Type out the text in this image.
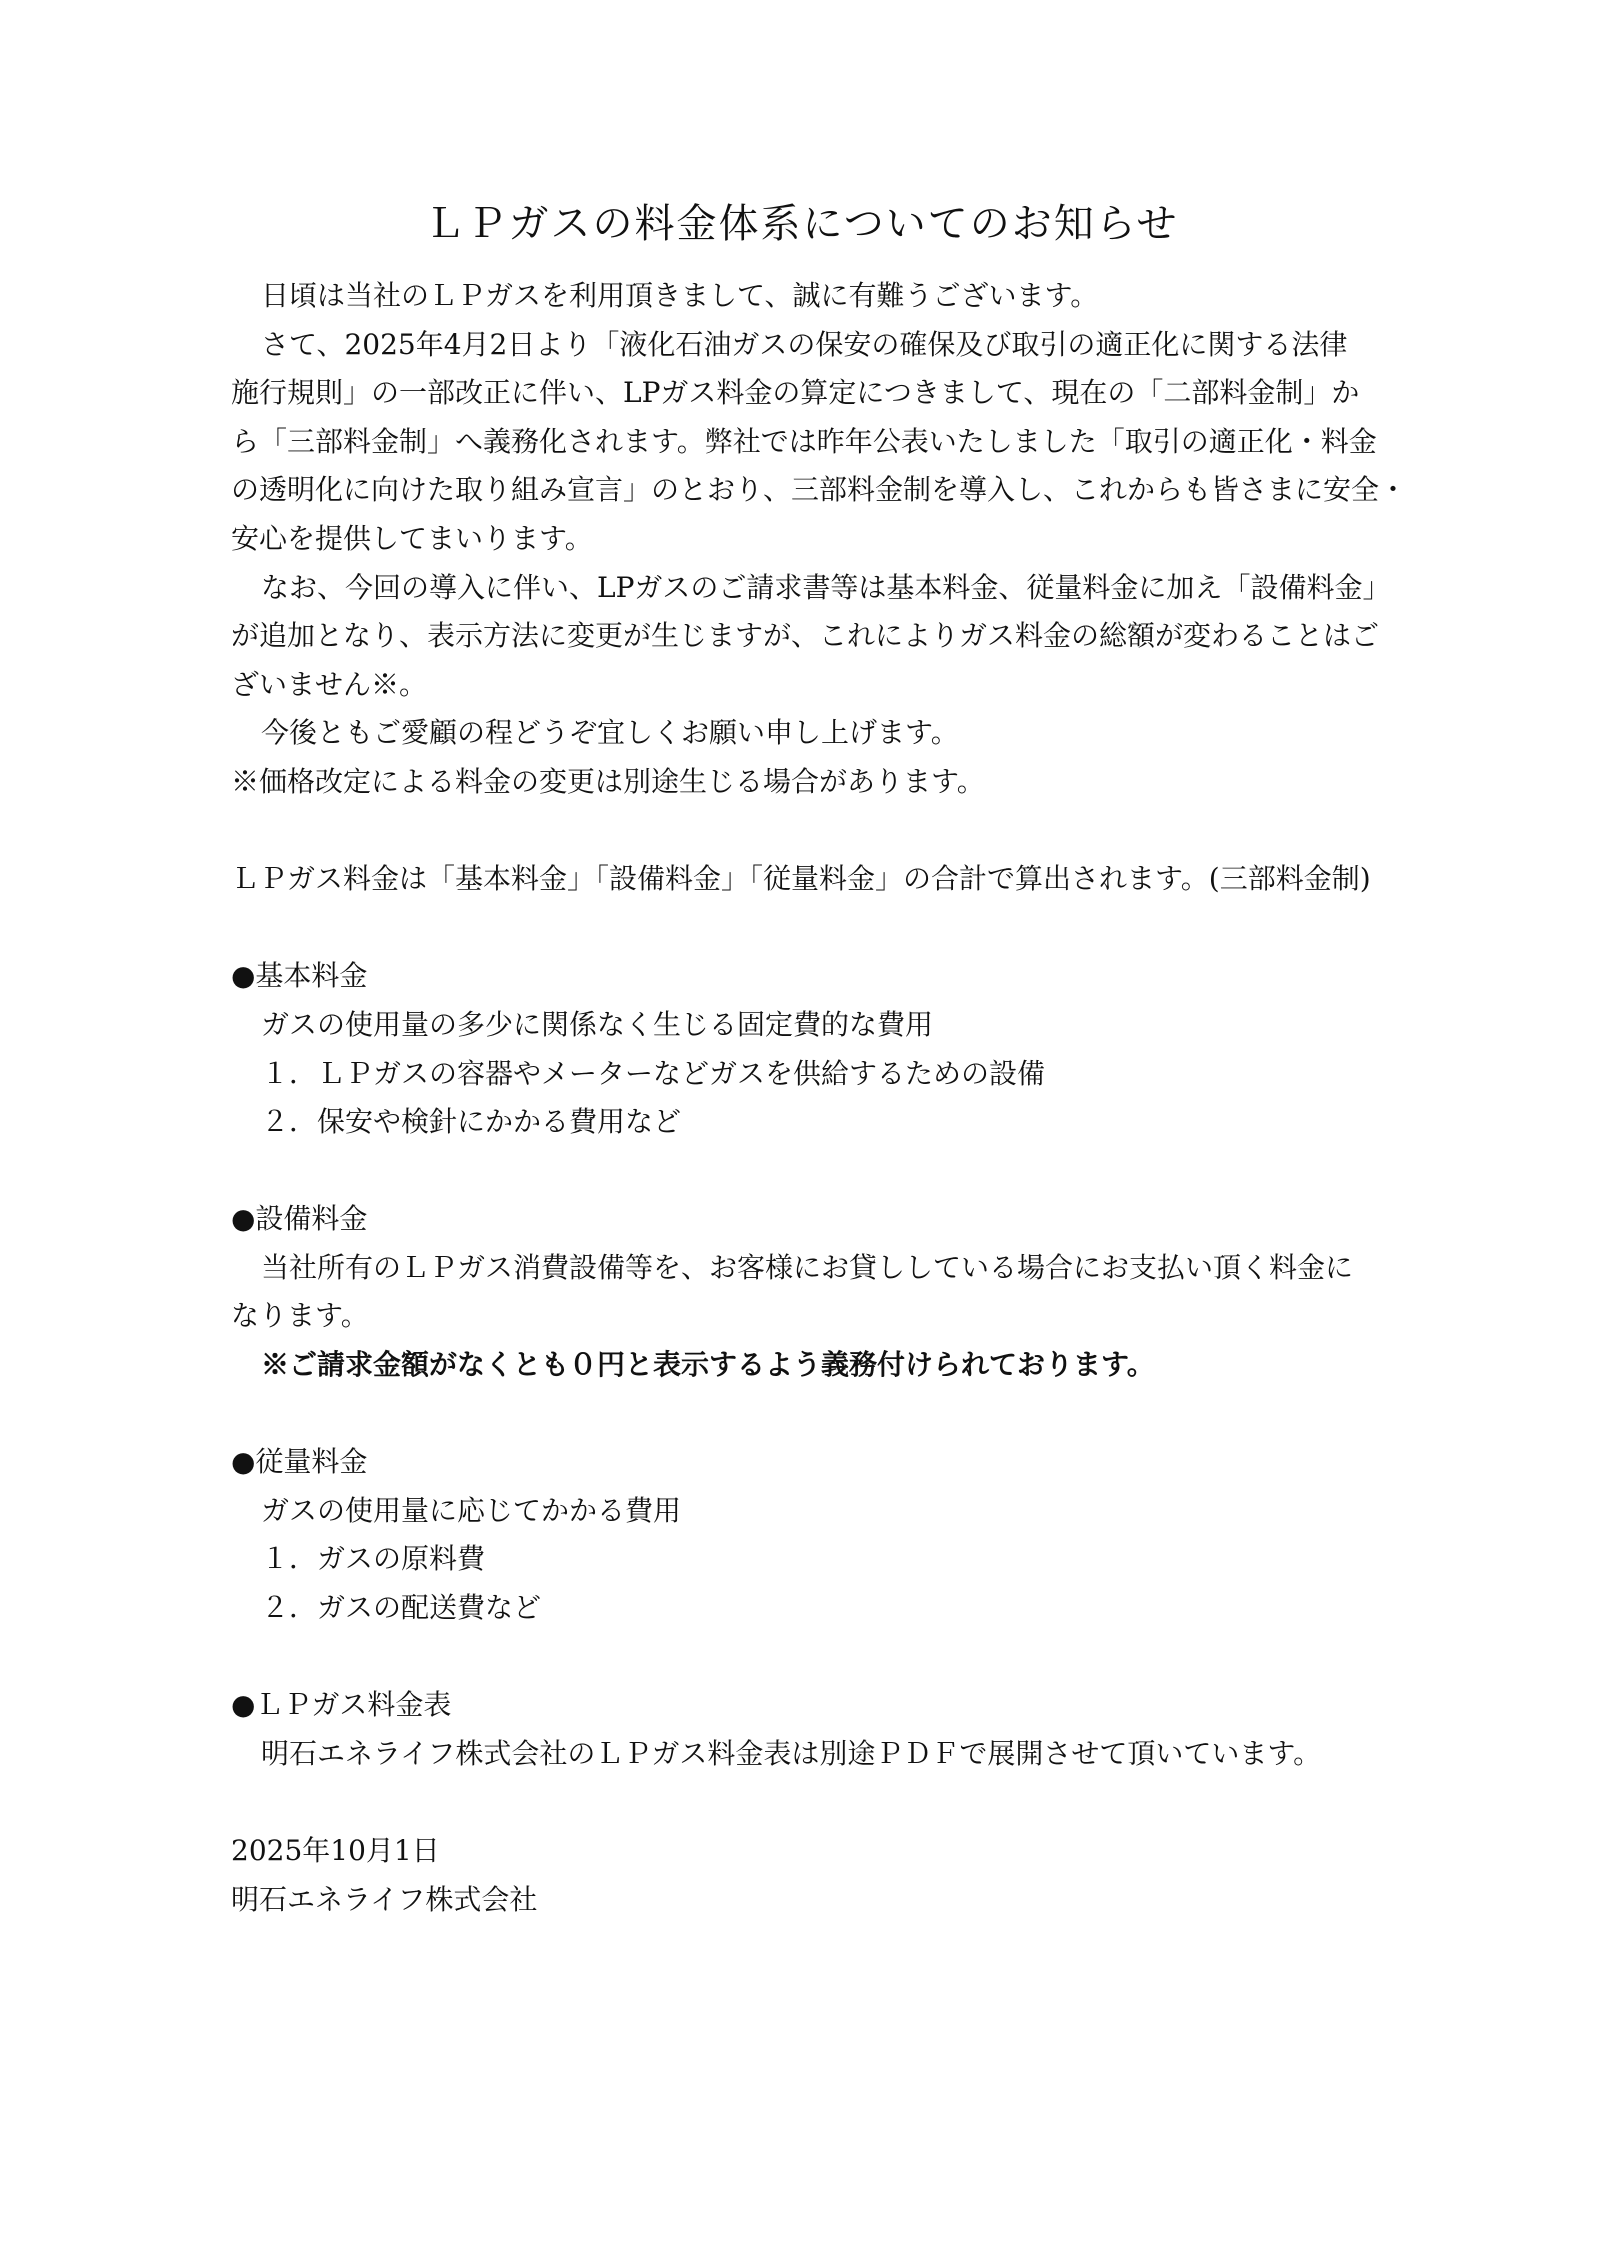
ＬＰガスの料金体系についてのお知らせ
日頃は当社のＬＰガスを利用頂きまして、誠に有難うございます。
さて、2025年4月2日より「液化石油ガスの保安の確保及び取引の適正化に関する法律
施行規則」の一部改正に伴い、LPガス料金の算定につきまして、現在の「二部料金制」か
ら「三部料金制」へ義務化されます。弊社では昨年公表いたしました「取引の適正化・料金
の透明化に向けた取り組み宣言」のとおり、三部料金制を導入し、これからも皆さまに安全・
安心を提供してまいります。
なお、今回の導入に伴い、LPガスのご請求書等は基本料金、従量料金に加え「設備料金」
が追加となり、表示方法に変更が生じますが、これによりガス料金の総額が変わることはご
ざいません※。
今後ともご愛顧の程どうぞ宜しくお願い申し上げます。
※価格改定による料金の変更は別途生じる場合があります。
ＬＰガス料金は「基本料金」「設備料金」「従量料金」の合計で算出されます。(三部料金制)
●基本料金
ガスの使用量の多少に関係なく生じる固定費的な費用
１．ＬＰガスの容器やメーターなどガスを供給するための設備
２．保安や検針にかかる費用など
●設備料金
当社所有のＬＰガス消費設備等を、お客様にお貸ししている場合にお支払い頂く料金に
なります。
※ご請求金額がなくとも０円と表示するよう義務付けられております。
●従量料金
ガスの使用量に応じてかかる費用
１．ガスの原料費
２．ガスの配送費など
●ＬＰガス料金表
明石エネライフ株式会社のＬＰガス料金表は別途ＰＤＦで展開させて頂いています。
2025年10月1日
明石エネライフ株式会社
